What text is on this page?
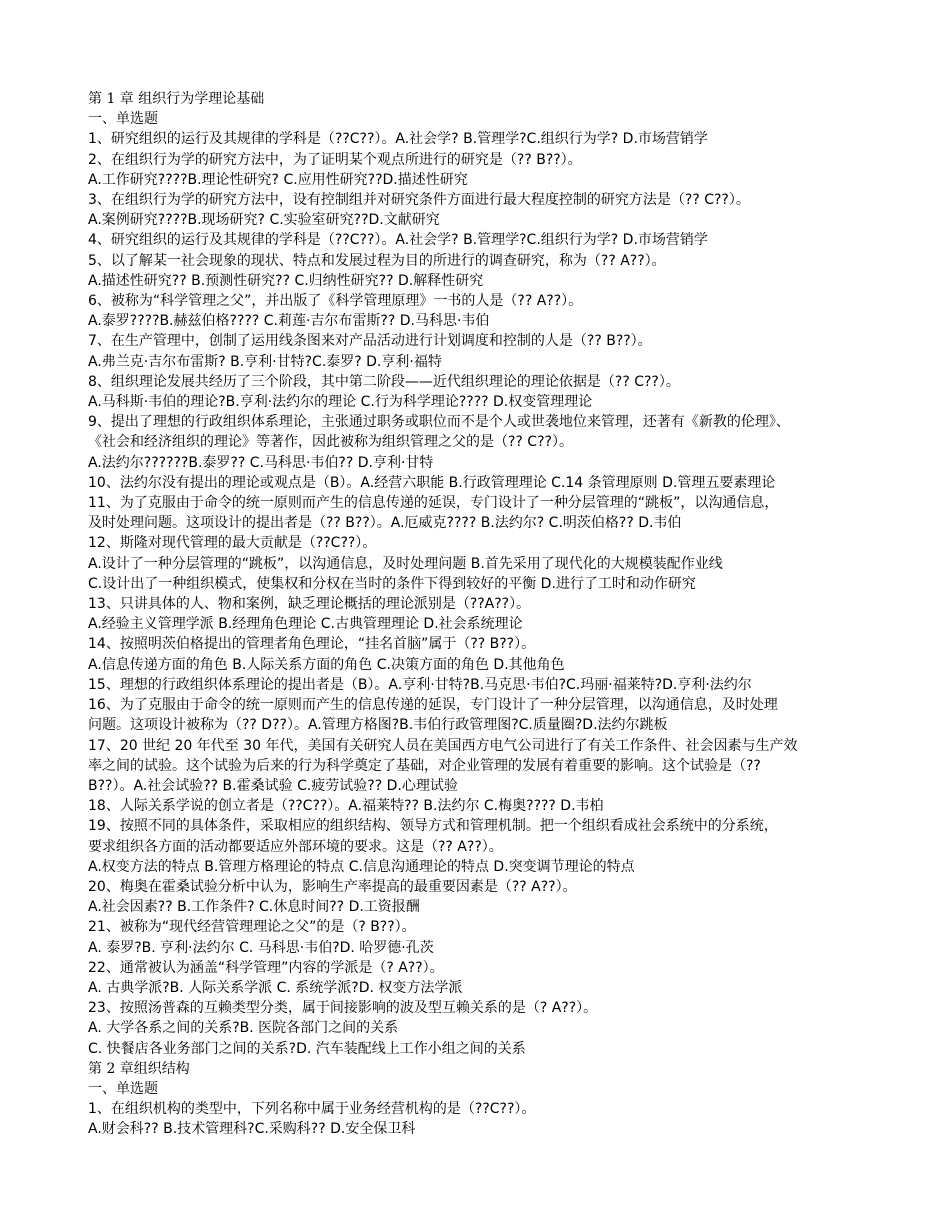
第 1 章 组织行为学理论基础
一、单选题
1、研究组织的运行及其规律的学科是（??C??）。A.社会学? B.管理学?C.组织行为学? D.市场营销学
2、在组织行为学的研究方法中，为了证明某个观点所进行的研究是（?? B??）。
A.工作研究????B.理论性研究? C.应用性研究??D.描述性研究
3、在组织行为学的研究方法中，设有控制组并对研究条件方面进行最大程度控制的研究方法是（?? C??）。
A.案例研究????B.现场研究? C.实验室研究??D.文献研究
4、研究组织的运行及其规律的学科是（??C??）。A.社会学? B.管理学?C.组织行为学? D.市场营销学
5、以了解某一社会现象的现状、特点和发展过程为目的所进行的调查研究，称为（?? A??）。
A.描述性研究?? B.预测性研究?? C.归纳性研究?? D.解释性研究
6、被称为“科学管理之父”，并出版了《科学管理原理》一书的人是（?? A??）。
A.泰罗????B.赫兹伯格???? C.莉莲·吉尔布雷斯?? D.马科思·韦伯
7、在生产管理中，创制了运用线条图来对产品活动进行计划调度和控制的人是（?? B??）。
A.弗兰克·吉尔布雷斯? B.亨利·甘特?C.泰罗? D.亨利·福特
8、组织理论发展共经历了三个阶段，其中第二阶段——近代组织理论的理论依据是（?? C??）。
A.马科斯·韦伯的理论?B.亨利·法约尔的理论 C.行为科学理论???? D.权变管理理论
9、提出了理想的行政组织体系理论，主张通过职务或职位而不是个人或世袭地位来管理，还著有《新教的伦理》、
《社会和经济组织的理论》等著作，因此被称为组织管理之父的是（?? C??）。
A.法约尔??????B.泰罗?? C.马科思·韦伯?? D.亨利·甘特
10、法约尔没有提出的理论或观点是（B）。A.经营六职能 B.行政管理理论 C.14 条管理原则 D.管理五要素理论
11、为了克服由于命令的统一原则而产生的信息传递的延误，专门设计了一种分层管理的“跳板”，以沟通信息，
及时处理问题。这项设计的提出者是（?? B??）。A.厄威克???? B.法约尔? C.明茨伯格?? D.韦伯
12、斯隆对现代管理的最大贡献是（??C??）。
A.设计了一种分层管理的“跳板”，以沟通信息，及时处理问题 B.首先采用了现代化的大规模装配作业线
C.设计出了一种组织模式，使集权和分权在当时的条件下得到较好的平衡 D.进行了工时和动作研究
13、只讲具体的人、物和案例，缺乏理论概括的理论派别是（??A??）。
A.经验主义管理学派 B.经理角色理论 C.古典管理理论 D.社会系统理论
14、按照明茨伯格提出的管理者角色理论，“挂名首脑”属于（?? B??）。
A.信息传递方面的角色 B.人际关系方面的角色 C.决策方面的角色 D.其他角色
15、理想的行政组织体系理论的提出者是（B）。A.亨利·甘特?B.马克思·韦伯?C.玛丽·福莱特?D.亨利·法约尔
16、为了克服由于命令的统一原则而产生的信息传递的延误，专门设计了一种分层管理，以沟通信息，及时处理
问题。这项设计被称为（?? D??）。A.管理方格图?B.韦伯行政管理图?C.质量圈?D.法约尔跳板
17、20 世纪 20 年代至 30 年代，美国有关研究人员在美国西方电气公司进行了有关工作条件、社会因素与生产效
率之间的试验。这个试验为后来的行为科学奠定了基础，对企业管理的发展有着重要的影响。这个试验是（??
B??）。A.社会试验?? B.霍桑试验 C.疲劳试验?? D.心理试验
18、人际关系学说的创立者是（??C??）。A.福莱特?? B.法约尔 C.梅奥???? D.韦柏
19、按照不同的具体条件，采取相应的组织结构、领导方式和管理机制。把一个组织看成社会系统中的分系统，
要求组织各方面的活动都要适应外部环境的要求。这是（?? A??）。
A.权变方法的特点 B.管理方格理论的特点 C.信息沟通理论的特点 D.突变调节理论的特点
20、梅奥在霍桑试验分析中认为，影响生产率提高的最重要因素是（?? A??）。
A.社会因素?? B.工作条件? C.休息时间?? D.工资报酬
21、被称为“现代经营管理理论之父”的是（? B??）。
A. 泰罗?B. 亨利·法约尔 C. 马科思·韦伯?D. 哈罗德·孔茨
22、通常被认为涵盖“科学管理”内容的学派是（? A??）。
A. 古典学派?B. 人际关系学派 C. 系统学派?D. 权变方法学派
23、按照汤普森的互赖类型分类，属于间接影响的波及型互赖关系的是（? A??）。
A. 大学各系之间的关系?B. 医院各部门之间的关系
C. 快餐店各业务部门之间的关系?D. 汽车装配线上工作小组之间的关系
第 2 章组织结构
一、单选题
1、在组织机构的类型中，下列名称中属于业务经营机构的是（??C??）。
A.财会科?? B.技术管理科?C.采购科?? D.安全保卫科
